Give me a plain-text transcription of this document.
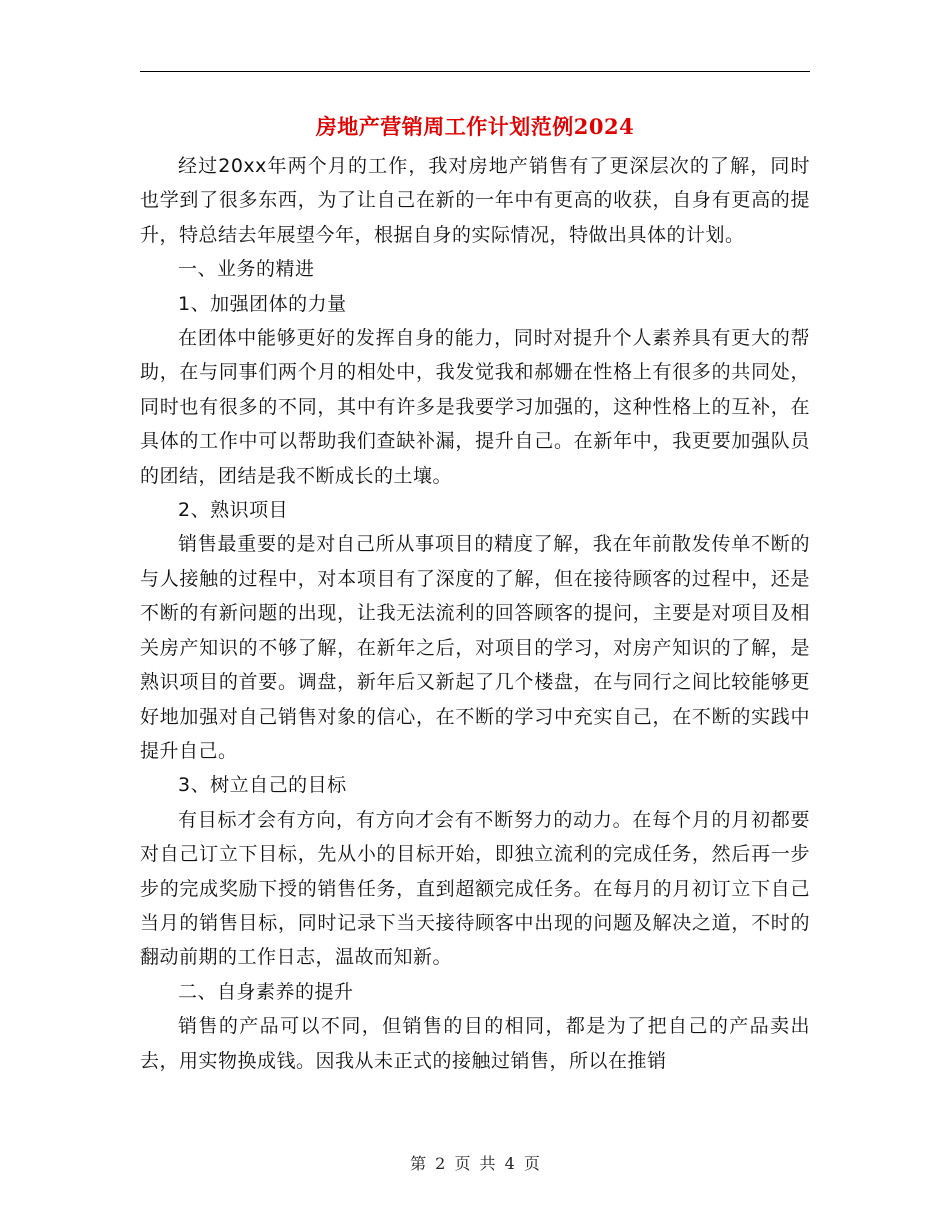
房地产营销周工作计划范例2024

经过20xx年两个月的工作，我对房地产销售有了更深层次的了解，同时也学到了很多东西，为了让自己在新的一年中有更高的收获，自身有更高的提升，特总结去年展望今年，根据自身的实际情况，特做出具体的计划。

一、业务的精进

1、加强团体的力量

在团体中能够更好的发挥自身的能力，同时对提升个人素养具有更大的帮助，在与同事们两个月的相处中，我发觉我和郝姗在性格上有很多的共同处，同时也有很多的不同，其中有许多是我要学习加强的，这种性格上的互补，在具体的工作中可以帮助我们查缺补漏，提升自己。在新年中，我更要加强队员的团结，团结是我不断成长的土壤。

2、熟识项目

销售最重要的是对自己所从事项目的精度了解，我在年前散发传单不断的与人接触的过程中，对本项目有了深度的了解，但在接待顾客的过程中，还是不断的有新问题的出现，让我无法流利的回答顾客的提问，主要是对项目及相关房产知识的不够了解，在新年之后，对项目的学习，对房产知识的了解，是熟识项目的首要。调盘，新年后又新起了几个楼盘，在与同行之间比较能够更好地加强对自己销售对象的信心，在不断的学习中充实自己，在不断的实践中提升自己。

3、树立自己的目标

有目标才会有方向，有方向才会有不断努力的动力。在每个月的月初都要对自己订立下目标，先从小的目标开始，即独立流利的完成任务，然后再一步步的完成奖励下授的销售任务，直到超额完成任务。在每月的月初订立下自己当月的销售目标，同时记录下当天接待顾客中出现的问题及解决之道，不时的翻动前期的工作日志，温故而知新。

二、自身素养的提升

销售的产品可以不同，但销售的目的相同，都是为了把自己的产品卖出去，用实物换成钱。因我从未正式的接触过销售，所以在推销

第 2 页 共 4 页
